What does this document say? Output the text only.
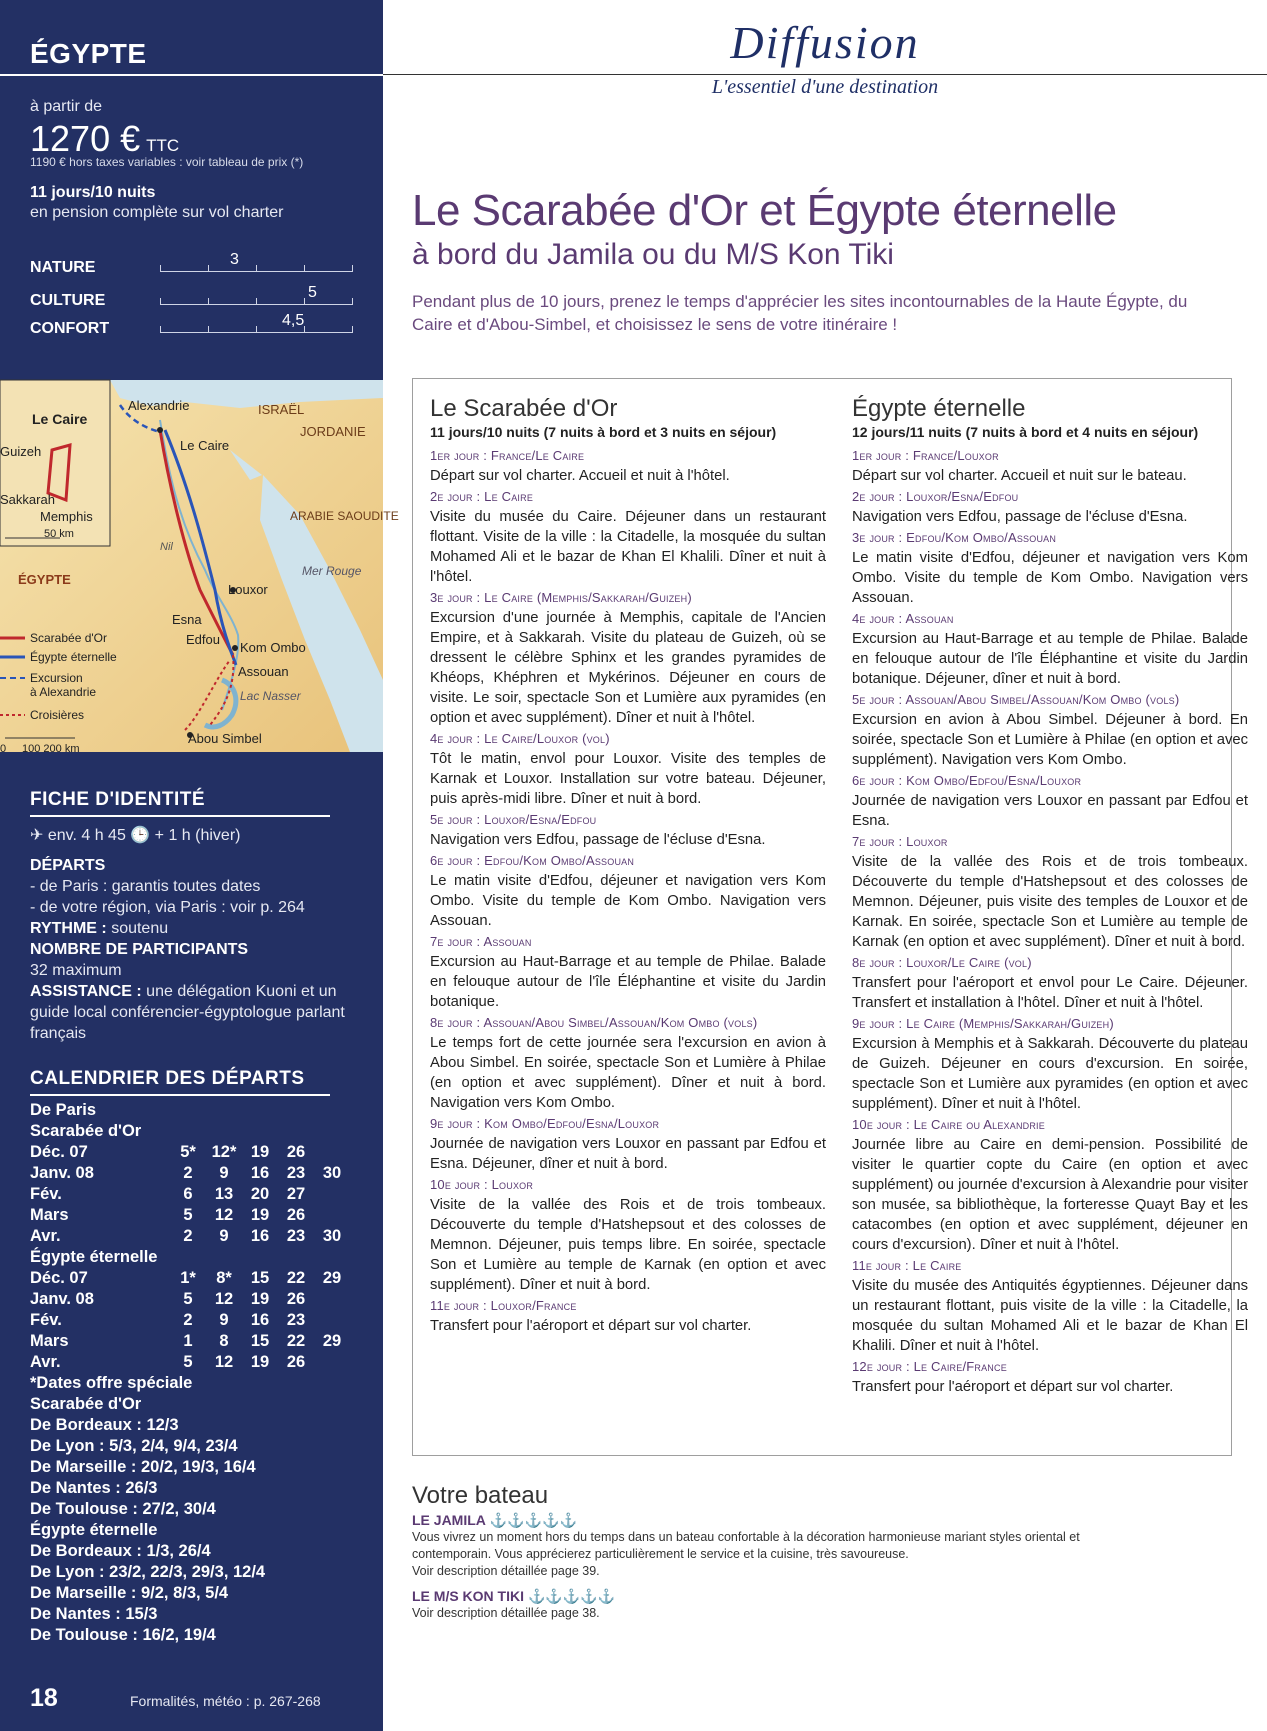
ÉGYPTE
à partir de
1270 € TTC
1190 € hors taxes variables : voir tableau de prix (*)
11 jours/10 nuits
en pension complète sur vol charter
NATURE	3
CULTURE	5
CONFORT	4,5
Le Caire
Guizeh
Sakkarah
Memphis
50 km
Alexandrie
Le Caire
ISRAËL
JORDANIE
ARABIE SAOUDITE
Mer Rouge
ÉGYPTE
Nil
Esna
Louxor
Edfou
Kom Ombo
Assouan
Lac Nasser
Abou Simbel
Scarabée d'Or
Égypte éternelle
Excursion
à Alexandrie
Croisières
0 100 200 km
FICHE D'IDENTITÉ
✈ env. 4 h 45 🕒 + 1 h (hiver)
DÉPARTS
- de Paris : garantis toutes dates
- de votre région, via Paris : voir p. 264
RYTHME : soutenu
NOMBRE DE PARTICIPANTS
32 maximum
ASSISTANCE : une délégation Kuoni et un guide local conférencier-égyptologue parlant français
CALENDRIER DES DÉPARTS
De Paris
Scarabée d'Or
Déc. 07	5* 12* 19	26
Janv. 08	2	9	16	23	30
Fév.	6	13	20	27
Mars	5	12	19	26
Avr.	2	9	16	23	30
Égypte éternelle
Déc. 07	1*	8*	15	22	29
Janv. 08	5	12	19	26
Fév.	2	9	16	23
Mars	1	8	15	22	29
Avr.	5	12	19	26
*Dates offre spéciale
Scarabée d'Or
De Bordeaux : 12/3
De Lyon : 5/3, 2/4, 9/4, 23/4
De Marseille : 20/2, 19/3, 16/4
De Nantes : 26/3
De Toulouse : 27/2, 30/4
Égypte éternelle
De Bordeaux : 1/3, 26/4
De Lyon : 23/2, 22/3, 29/3, 12/4
De Marseille : 9/2, 8/3, 5/4
De Nantes : 15/3
De Toulouse : 16/2, 19/4
18	Formalités, météo : p. 267-268
Diffusion
L'essentiel d'une destination
Le Scarabée d'Or et Égypte éternelle
à bord du Jamila ou du M/S Kon Tiki
Pendant plus de 10 jours, prenez le temps d'apprécier les sites incontournables de la Haute Égypte, du Caire et d'Abou-Simbel, et choisissez le sens de votre itinéraire !
Le Scarabée d'Or
11 jours/10 nuits (7 nuits à bord et 3 nuits en séjour)
1er jour : France/Le Caire
Départ sur vol charter. Accueil et nuit à l'hôtel.
2e jour : Le Caire
Visite du musée du Caire. Déjeuner dans un restaurant flottant. Visite de la ville : la Citadelle, la mosquée du sultan Mohamed Ali et le bazar de Khan El Khalili. Dîner et nuit à l'hôtel.
3e jour : Le Caire (Memphis/Sakkarah/Guizeh)
Excursion d'une journée à Memphis, capitale de l'Ancien Empire, et à Sakkarah. Visite du plateau de Guizeh, où se dressent le célèbre Sphinx et les grandes pyramides de Khéops, Khéphren et Mykérinos. Déjeuner en cours de visite. Le soir, spectacle Son et Lumière aux pyramides (en option et avec supplément). Dîner et nuit à l'hôtel.
4e jour : Le Caire/Louxor (vol)
Tôt le matin, envol pour Louxor. Visite des temples de Karnak et Louxor. Installation sur votre bateau. Déjeuner, puis après-midi libre. Dîner et nuit à bord.
5e jour : Louxor/Esna/Edfou
Navigation vers Edfou, passage de l'écluse d'Esna.
6e jour : Edfou/Kom Ombo/Assouan
Le matin visite d'Edfou, déjeuner et navigation vers Kom Ombo. Visite du temple de Kom Ombo. Navigation vers Assouan.
7e jour : Assouan
Excursion au Haut-Barrage et au temple de Philae. Balade en felouque autour de l'île Éléphantine et visite du Jardin botanique.
8e jour : Assouan/Abou Simbel/Assouan/Kom Ombo (vols)
Le temps fort de cette journée sera l'excursion en avion à Abou Simbel. En soirée, spectacle Son et Lumière à Philae (en option et avec supplément). Dîner et nuit à bord. Navigation vers Kom Ombo.
9e jour : Kom Ombo/Edfou/Esna/Louxor
Journée de navigation vers Louxor en passant par Edfou et Esna. Déjeuner, dîner et nuit à bord.
10e jour : Louxor
Visite de la vallée des Rois et de trois tombeaux. Découverte du temple d'Hatshepsout et des colosses de Memnon. Déjeuner, puis temps libre. En soirée, spectacle Son et Lumière au temple de Karnak (en option et avec supplément). Dîner et nuit à bord.
11e jour : Louxor/France
Transfert pour l'aéroport et départ sur vol charter.
Égypte éternelle
12 jours/11 nuits (7 nuits à bord et 4 nuits en séjour)
1er jour : France/Louxor
Départ sur vol charter. Accueil et nuit sur le bateau.
2e jour : Louxor/Esna/Edfou
Navigation vers Edfou, passage de l'écluse d'Esna.
3e jour : Edfou/Kom Ombo/Assouan
Le matin visite d'Edfou, déjeuner et navigation vers Kom Ombo. Visite du temple de Kom Ombo. Navigation vers Assouan.
4e jour : Assouan
Excursion au Haut-Barrage et au temple de Philae. Balade en felouque autour de l'île Éléphantine et visite du Jardin botanique. Déjeuner, dîner et nuit à bord.
5e jour : Assouan/Abou Simbel/Assouan/Kom Ombo (vols)
Excursion en avion à Abou Simbel. Déjeuner à bord. En soirée, spectacle Son et Lumière à Philae (en option et avec supplément). Navigation vers Kom Ombo.
6e jour : Kom Ombo/Edfou/Esna/Louxor
Journée de navigation vers Louxor en passant par Edfou et Esna.
7e jour : Louxor
Visite de la vallée des Rois et de trois tombeaux. Découverte du temple d'Hatshepsout et des colosses de Memnon. Déjeuner, puis visite des temples de Louxor et de Karnak. En soirée, spectacle Son et Lumière au temple de Karnak (en option et avec supplément). Dîner et nuit à bord.
8e jour : Louxor/Le Caire (vol)
Transfert pour l'aéroport et envol pour Le Caire. Déjeuner. Transfert et installation à l'hôtel. Dîner et nuit à l'hôtel.
9e jour : Le Caire (Memphis/Sakkarah/Guizeh)
Excursion à Memphis et à Sakkarah. Découverte du plateau de Guizeh. Déjeuner en cours d'excursion. En soirée, spectacle Son et Lumière aux pyramides (en option et avec supplément). Dîner et nuit à l'hôtel.
10e jour : Le Caire ou Alexandrie
Journée libre au Caire en demi-pension. Possibilité de visiter le quartier copte du Caire (en option et avec supplément) ou journée d'excursion à Alexandrie pour visiter son musée, sa bibliothèque, la forteresse Quayt Bay et les catacombes (en option et avec supplément, déjeuner en cours d'excursion). Dîner et nuit à l'hôtel.
11e jour : Le Caire
Visite du musée des Antiquités égyptiennes. Déjeuner dans un restaurant flottant, puis visite de la ville : la Citadelle, la mosquée du sultan Mohamed Ali et le bazar de Khan El Khalili. Dîner et nuit à l'hôtel.
12e jour : Le Caire/France
Transfert pour l'aéroport et départ sur vol charter.
Votre bateau
LE JAMILA ⚓⚓⚓⚓⚓
Vous vivrez un moment hors du temps dans un bateau confortable à la décoration harmonieuse mariant styles oriental et contemporain. Vous apprécierez particulièrement le service et la cuisine, très savoureuse.
Voir description détaillée page 39.
LE M/S KON TIKI ⚓⚓⚓⚓⚓
Voir description détaillée page 38.
